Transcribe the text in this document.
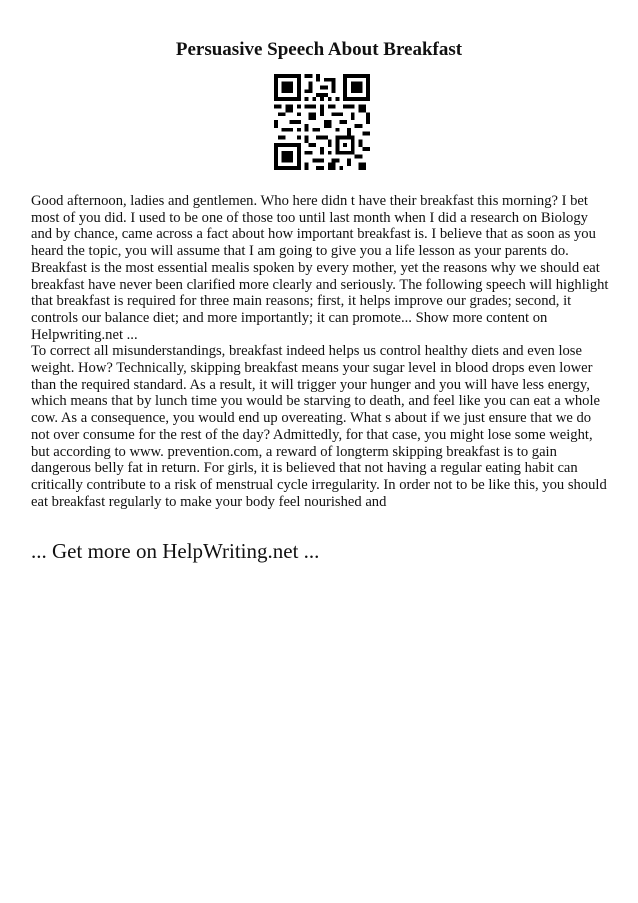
Persuasive Speech About Breakfast

Good afternoon, ladies and gentlemen. Who here didn t have their breakfast this morning? I bet most of you did. I used to be one of those too until last month when I did a research on Biology and by chance, came across a fact about how important breakfast is. I believe that as soon as you heard the topic, you will assume that I am going to give you a life lesson as your parents do. Breakfast is the most essential mealis spoken by every mother, yet the reasons why we should eat breakfast have never been clarified more clearly and seriously. The following speech will highlight that breakfast is required for three main reasons; first, it helps improve our grades; second, it controls our balance diet; and more importantly; it can promote... Show more content on Helpwriting.net ...

To correct all misunderstandings, breakfast indeed helps us control healthy diets and even lose weight. How? Technically, skipping breakfast means your sugar level in blood drops even lower than the required standard. As a result, it will trigger your hunger and you will have less energy, which means that by lunch time you would be starving to death, and feel like you can eat a whole cow. As a consequence, you would end up overeating. What s about if we just ensure that we do not over consume for the rest of the day? Admittedly, for that case, you might lose some weight, but according to www. prevention.com, a reward of longterm skipping breakfast is to gain dangerous belly fat in return. For girls, it is believed that not having a regular eating habit can critically contribute to a risk of menstrual cycle irregularity. In order not to be like this, you should eat breakfast regularly to make your body feel nourished and

... Get more on HelpWriting.net ...
